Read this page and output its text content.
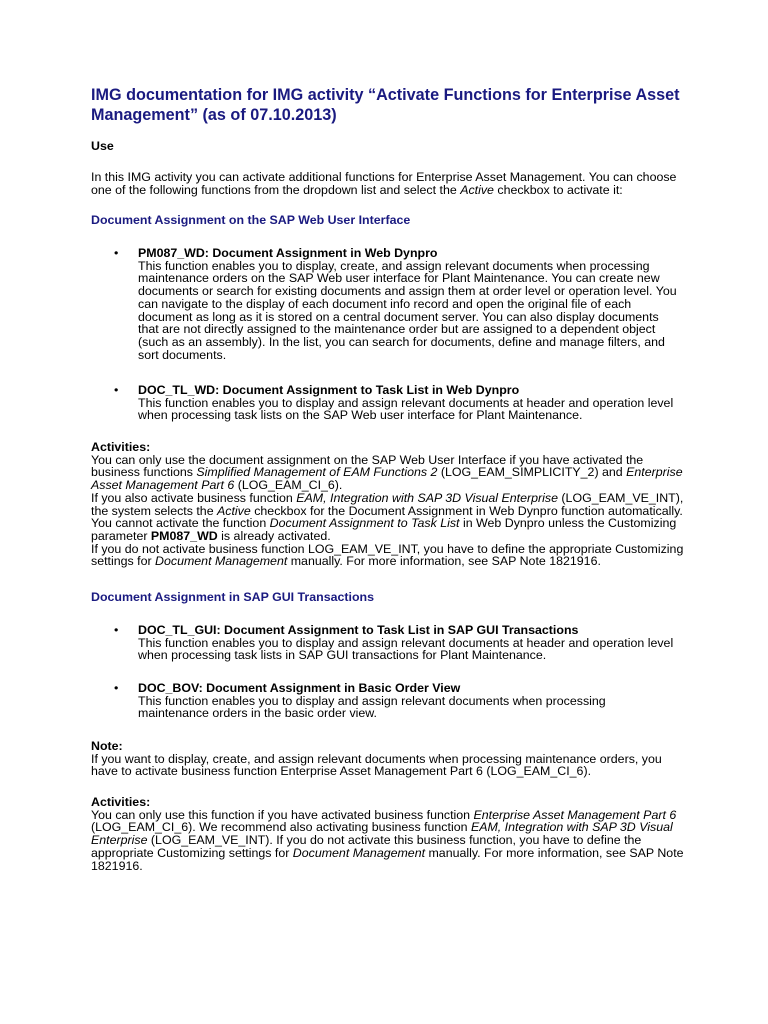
IMG documentation for IMG activity “Activate Functions for Enterprise Asset Management” (as of 07.10.2013)

Use

In this IMG activity you can activate additional functions for Enterprise Asset Management. You can choose one of the following functions from the dropdown list and select the Active checkbox to activate it:

Document Assignment on the SAP Web User Interface

• PM087_WD: Document Assignment in Web Dynpro
This function enables you to display, create, and assign relevant documents when processing maintenance orders on the SAP Web user interface for Plant Maintenance. You can create new documents or search for existing documents and assign them at order level or operation level. You can navigate to the display of each document info record and open the original file of each document as long as it is stored on a central document server. You can also display documents that are not directly assigned to the maintenance order but are assigned to a dependent object (such as an assembly). In the list, you can search for documents, define and manage filters, and sort documents.
• DOC_TL_WD: Document Assignment to Task List in Web Dynpro
This function enables you to display and assign relevant documents at header and operation level when processing task lists on the SAP Web user interface for Plant Maintenance.
Activities:
You can only use the document assignment on the SAP Web User Interface if you have activated the business functions Simplified Management of EAM Functions 2 (LOG_EAM_SIMPLICITY_2) and Enterprise Asset Management Part 6 (LOG_EAM_CI_6).
If you also activate business function EAM, Integration with SAP 3D Visual Enterprise (LOG_EAM_VE_INT), the system selects the Active checkbox for the Document Assignment in Web Dynpro function automatically. You cannot activate the function Document Assignment to Task List in Web Dynpro unless the Customizing parameter PM087_WD is already activated.
If you do not activate business function LOG_EAM_VE_INT, you have to define the appropriate Customizing settings for Document Management manually. For more information, see SAP Note 1821916.

Document Assignment in SAP GUI Transactions

• DOC_TL_GUI: Document Assignment to Task List in SAP GUI Transactions
This function enables you to display and assign relevant documents at header and operation level when processing task lists in SAP GUI transactions for Plant Maintenance.
• DOC_BOV: Document Assignment in Basic Order View
This function enables you to display and assign relevant documents when processing maintenance orders in the basic order view.
Note:
If you want to display, create, and assign relevant documents when processing maintenance orders, you have to activate business function Enterprise Asset Management Part 6 (LOG_EAM_CI_6).
Activities:
You can only use this function if you have activated business function Enterprise Asset Management Part 6 (LOG_EAM_CI_6). We recommend also activating business function EAM, Integration with SAP 3D Visual Enterprise (LOG_EAM_VE_INT). If you do not activate this business function, you have to define the appropriate Customizing settings for Document Management manually. For more information, see SAP Note 1821916.
